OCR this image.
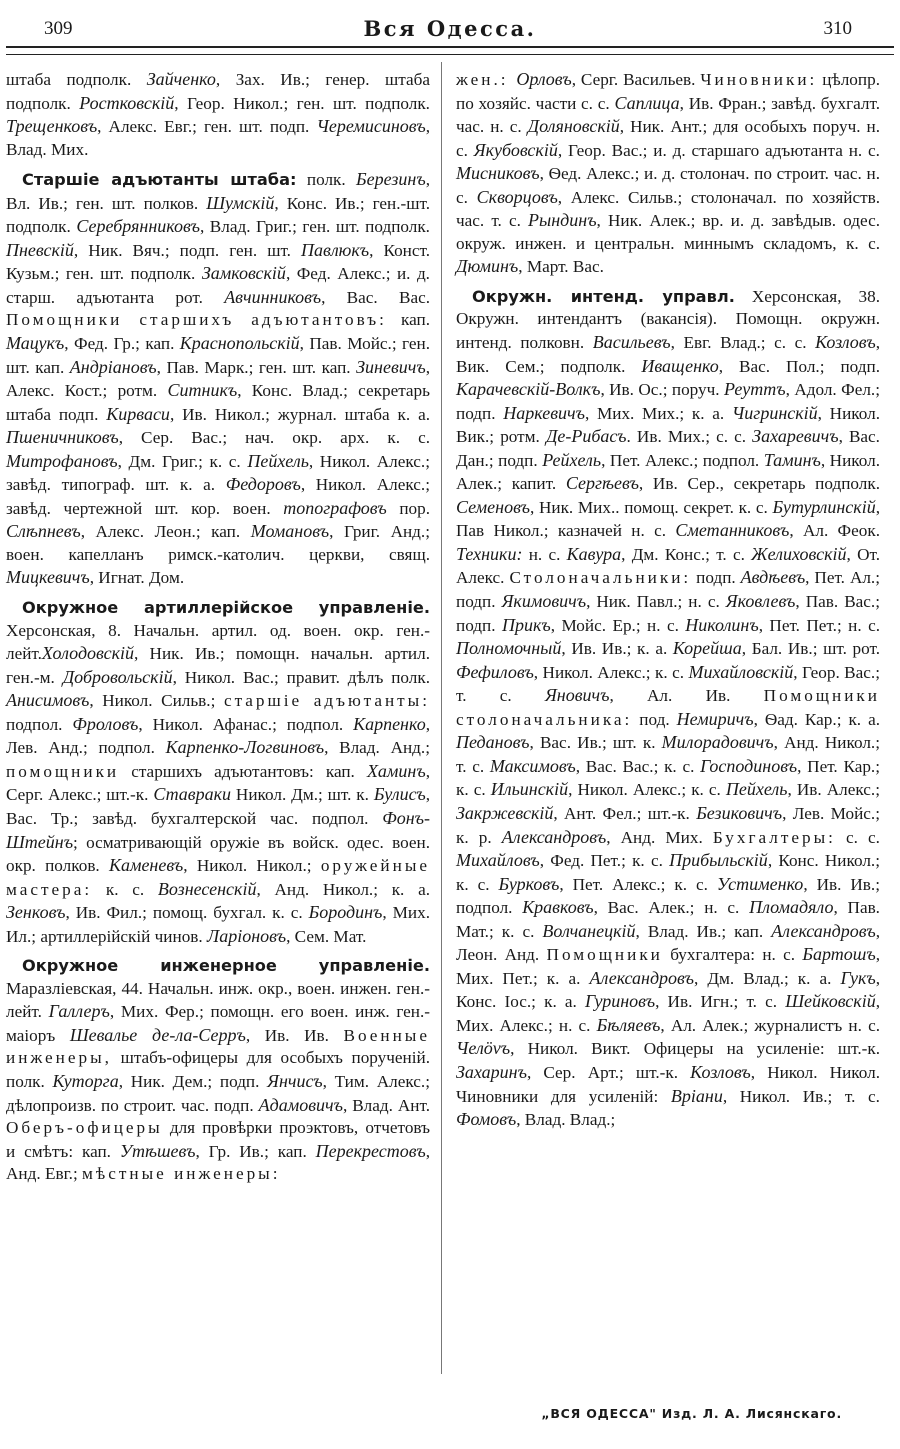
309	Вся Одесса.	310

штаба подполк. Зайченко, Зах. Ив.; генер. штаба подполк. Ростковскій, Геор. Никол.; ген. шт. подполк. Трещенковъ, Алекс. Евг.; ген. шт. подп. Черемисиновъ, Влад. Мих.

Старшіе адъютанты штаба: полк. Березинъ, Вл. Ив.; ген. шт. полков. Шумскій, Конс. Ив.; ген.-шт. подполк. Серебрянниковъ, Влад. Григ.; ген. шт. подполк. Пневскій, Ник. Вяч.; подп. ген. шт. Павлюкъ, Конст. Кузьм.; ген. шт. подполк. Замковскій, Фед. Алекс.; и. д. старш. адъютанта рот. Авчинниковъ, Вас. Вас. Помощники старшихъ адъютантовъ: кап. Мацукъ, Фед. Гр.; кап. Краснопольскій, Пав. Мойс.; ген. шт. кап. Андріановъ, Пав. Марк.; ген. шт. кап. Зиневичъ, Алекс. Кост.; ротм. Ситникъ, Конс. Влад.; секретарь штаба подп. Кирваси, Ив. Никол.; журнал. штаба к. а. Пшеничниковъ, Сер. Вас.; нач. окр. арх. к. с. Митрофановъ, Дм. Григ.; к. с. Пейхель, Никол. Алекс.; завѣд. типограф. шт. к. а. Федоровъ, Никол. Алекс.; завѣд. чертежной шт. кор. воен. топографовъ пор. Слѣпневъ, Алекс. Леон.; кап. Момановъ, Григ. Анд.; воен. капелланъ римск.-католич. церкви, свящ. Мицкевичъ, Игнат. Дом.

Окружное артиллерійское управленіе. Херсонская, 8. Начальн. артил. од. воен. окр. ген.-лейт.Холодовскій, Ник. Ив.; помощн. начальн. артил. ген.-м. Добровольскій, Никол. Вас.; правит. дѣлъ полк. Анисимовъ, Никол. Сильв.; старшіе адъютанты: подпол. Фроловъ, Никол. Афанас.; подпол. Карпенко, Лев. Анд.; подпол. Карпенко-Логвиновъ, Влад. Анд.; помощники старшихъ адъютантовъ: кап. Хаминъ, Серг. Алекс.; шт.-к. Ставраки Никол. Дм.; шт. к. Булисъ, Вас. Тр.; завѣд. бухгалтерской час. подпол. Фонъ-Штейнъ; осматривающій оружіе въ войск. одес. воен. окр. полков. Каменевъ, Никол. Никол.; оружейные мастера: к. с. Вознесенскій, Анд. Никол.; к. а. Зенковъ, Ив. Фил.; помощ. бухгал. к. с. Бородинъ, Мих. Ил.; артиллерійскій чинов. Ларіоновъ, Сем. Мат.

Окружное инженерное управленіе. Маразліевская, 44. Начальн. инж. окр., воен. инжен. ген.-лейт. Галлеръ, Мих. Фер.; помощн. его воен. инж. ген.-маіоръ Шевалье де-ла-Серръ, Ив. Ив. Военные инженеры, штабъ-офицеры для особыхъ порученій. полк. Куторга, Ник. Дем.; подп. Янчисъ, Тим. Алекс.; дѣлопроизв. по строит. час. подп. Адамовичъ, Влад. Ант. Оберъ-офицеры для провѣрки проэктовъ, отчетовъ и смѣтъ: кап. Утѣшевъ, Гр. Ив.; кап. Перекрестовъ, Анд. Евг.; мѣстные инженеры:

жен.: Орловъ, Серг. Васильев. Чиновники: цѣлопр. по хозяйс. части с. с. Саплица, Ив. Фран.; завѣд. бухгалт. час. н. с. Доляновскій, Ник. Ант.; для особыхъ поруч. н. с. Якубовскій, Геор. Вас.; и. д. старшаго адъютанта н. с. Мисниковъ, Ѳед. Алекс.; и. д. столонач. по строит. час. н. с. Скворцовъ, Алекс. Сильв.; столоначал. по хозяйств. час. т. с. Рындинъ, Ник. Алек.; вр. и. д. завѣдыв. одес. окруж. инжен. и центральн. миннымъ складомъ, к. с. Дюминъ, Март. Вас.

Окружн. интенд. управл. Херсонская, 38. Окружн. интендантъ (вакансія). Помощн. окружн. интенд. полковн. Васильевъ, Евг. Влад.; с. с. Козловъ, Вик. Сем.; подполк. Иващенко, Вас. Пол.; подп. Карачевскій-Волкъ, Ив. Ос.; поруч. Реуттъ, Адол. Фел.; подп. Наркевичъ, Мих. Мих.; к. а. Чигринскій, Никол. Вик.; ротм. Де-Рибасъ. Ив. Мих.; с. с. Захаревичъ, Вас. Дан.; подп. Рейхель, Пет. Алекс.; подпол. Таминъ, Никол. Алек.; капит. Сергѣевъ, Ив. Сер., секретарь подполк. Семеновъ, Ник. Мих.. помощ. секрет. к. с. Бутурлинскій, Пав Никол.; казначей н. с. Сметанниковъ, Ал. Феок. Техники: н. с. Кавура, Дм. Конс.; т. с. Желиховскій, От. Алекс. Столоначальники: подп. Авдѣевъ, Пет. Ал.; подп. Якимовичъ, Ник. Павл.; н. с. Яковлевъ, Пав. Вас.; подп. Прикъ, Мойс. Ер.; н. с. Николинъ, Пет. Пет.; н. с. Полномочный, Ив. Ив.; к. а. Корейша, Бал. Ив.; шт. рот. Фефиловъ, Никол. Алекс.; к. с. Михайловскій, Геор. Вас.; т. с. Яновичъ, Ал. Ив. Помощники столоначальника: под. Немиричъ, Ѳад. Кар.; к. а. Педановъ, Вас. Ив.; шт. к. Милорадовичъ, Анд. Никол.; т. с. Максимовъ, Вас. Вас.; к. с. Господиновъ, Пет. Кар.; к. с. Ильинскій, Никол. Алекс.; к. с. Пейхель, Ив. Алекс.; Закржевскій, Ант. Фел.; шт.-к. Безиковичъ, Лев. Мойс.; к. р. Александровъ, Анд. Мих. Бухгалтеры: с. с. Михайловъ, Фед. Пет.; к. с. Прибыльскій, Конс. Никол.; к. с. Бурковъ, Пет. Алекс.; к. с. Устименко, Ив. Ив.; подпол. Кравковъ, Вас. Алек.; н. с. Пломадяло, Пав. Мат.; к. с. Волчанецкій, Влад. Ив.; кап. Александровъ, Леон. Анд. Помощники бухгалтера: н. с. Бартошъ, Мих. Пет.; к. а. Александровъ, Дм. Влад.; к. а. Гукъ, Конс. Іос.; к. а. Гуриновъ, Ив. Игн.; т. с. Шейковскій, Мих. Алекс.; н. с. Бѣляевъ, Ал. Алек.; журналистъ н. с. Челövъ, Никол. Викт. Офицеры на усиленіе: шт.-к. Захаринъ, Сер. Арт.; шт.-к. Козловъ, Никол. Никол. Чиновники для усиленій: Вріани, Никол. Ив.; т. с. Фомовъ, Влад. Влад.;

„ВСЯ ОДЕССА" Изд. Л. А. Лисянскаго.
